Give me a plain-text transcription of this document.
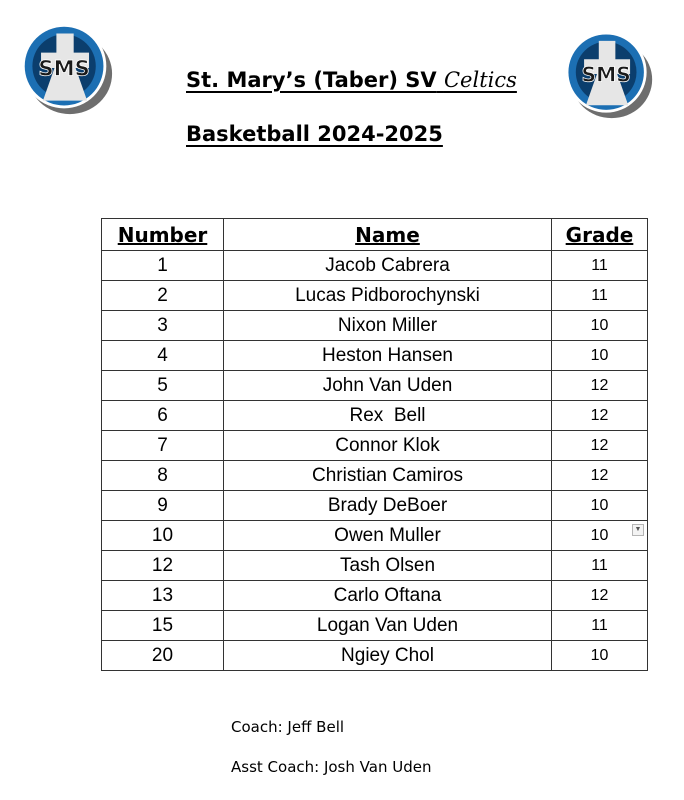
SMS	SMS
St. Mary’s (Taber) SV Celtics
Basketball 2024-2025
Number	Name	Grade
1	Jacob Cabrera	11
2	Lucas Pidborochynski	11
3	Nixon Miller	10
4	Heston Hansen	10
5	John Van Uden	12
6	Rex  Bell	12
7	Connor Klok	12
8	Christian Camiros	12
9	Brady DeBoer	10
10	Owen Muller	10 ▼

12	Tash Olsen	11
13	Carlo Oftana	12
15	Logan Van Uden	11
20	Ngiey Chol	10
Coach: Jeff Bell
Asst Coach: Josh Van Uden
